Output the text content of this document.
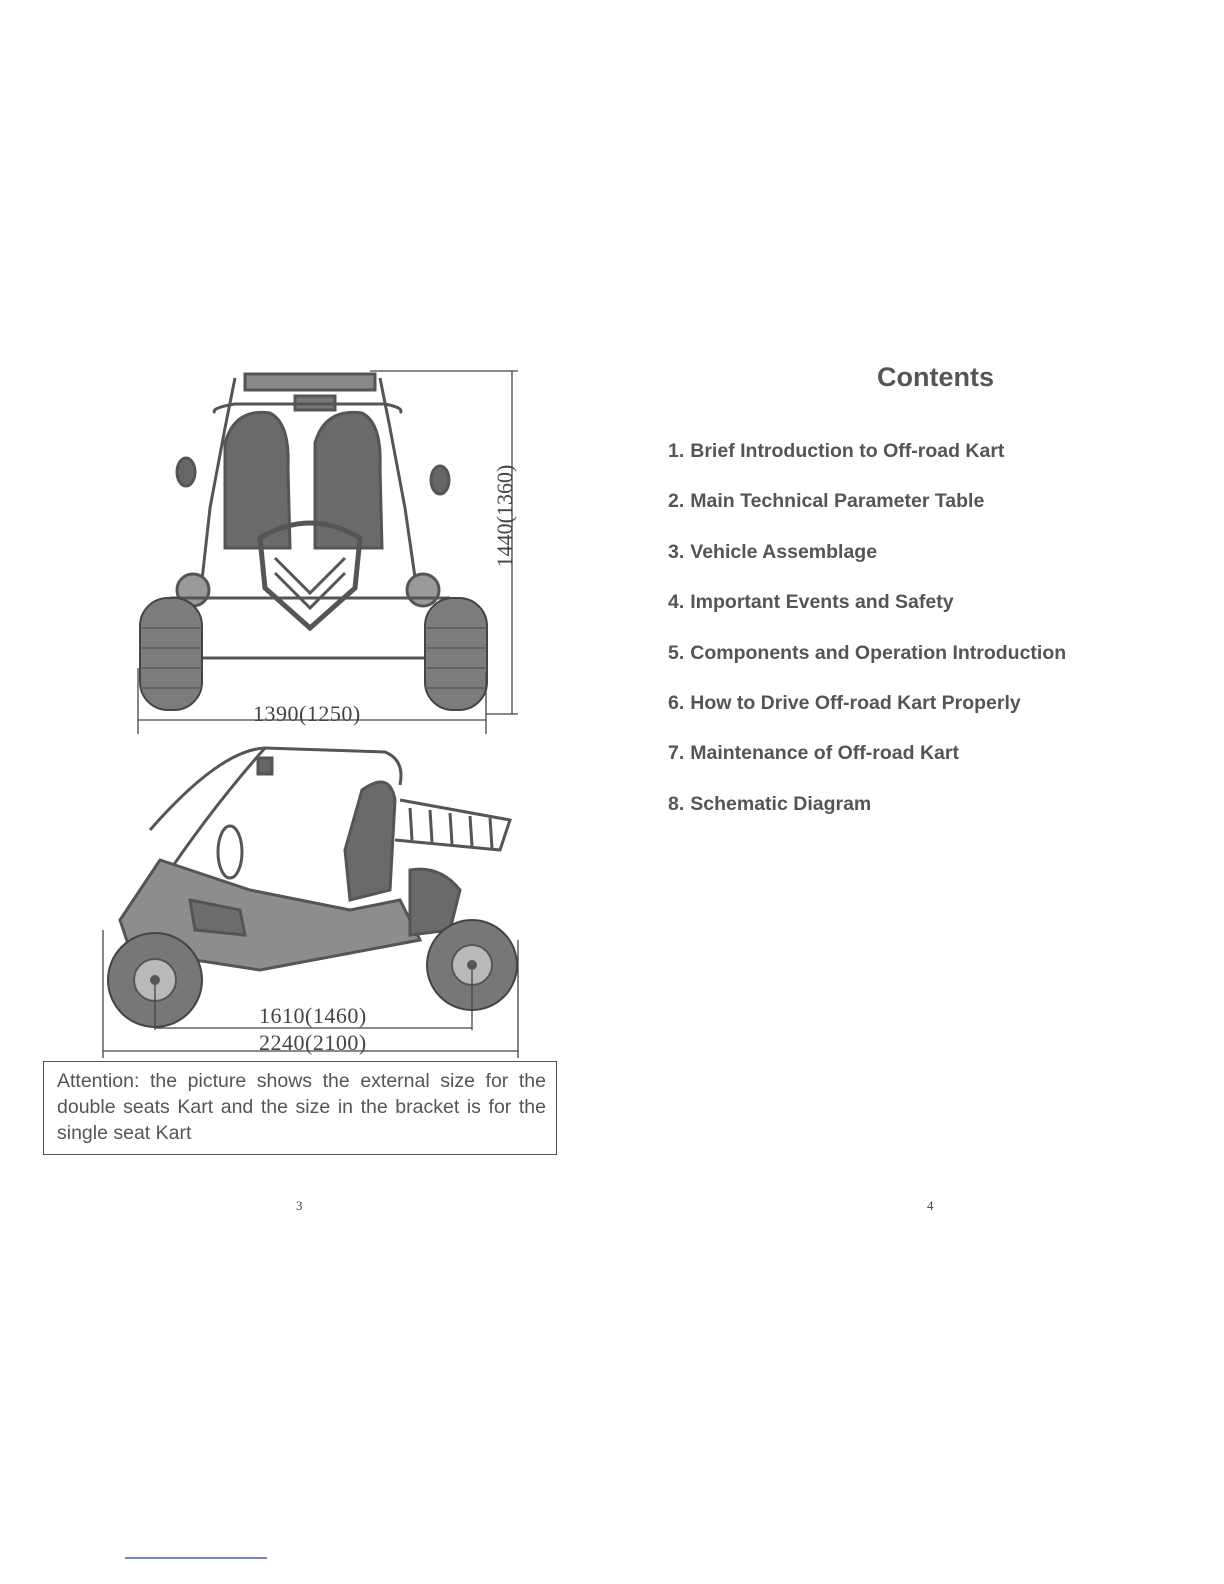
1390(1250)
1440(1360)
1610(1460)
2240(2100)
Attention: the picture shows the external size for the double seats Kart and the size in the bracket is for the single seat Kart
3
Contents
1. Brief Introduction to Off-road Kart
2. Main Technical Parameter Table
3. Vehicle Assemblage
4. Important Events and Safety
5. Components and Operation Introduction
6. How to Drive Off-road Kart Properly
7. Maintenance of Off-road Kart
8. Schematic Diagram
4
